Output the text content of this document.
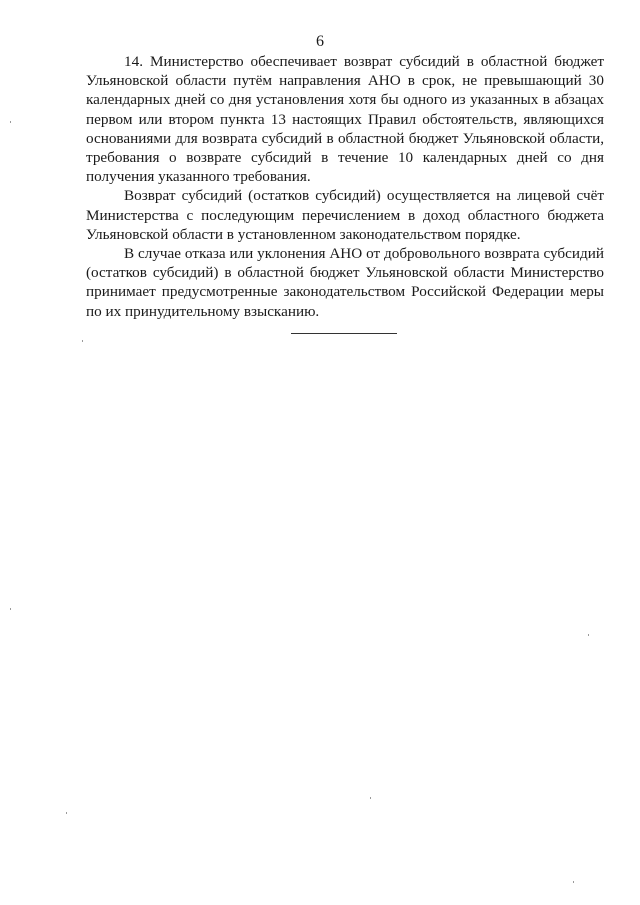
6

14. Министерство обеспечивает возврат субсидий в областной бюджет Ульяновской области путём направления АНО в срок, не превышающий 30 календарных дней со дня установления хотя бы одного из указанных в абзацах первом или втором пункта 13 настоящих Правил обстоятельств, являющихся основаниями для возврата субсидий в областной бюджет Ульяновской области, требования о возврате субсидий в течение 10 календарных дней со дня получения указанного требования.

Возврат субсидий (остатков субсидий) осуществляется на лицевой счёт Министерства с последующим перечислением в доход областного бюджета Ульяновской области в установленном законодательством порядке.

В случае отказа или уклонения АНО от добровольного возврата субсидий (остатков субсидий) в областной бюджет Ульяновской области Министерство принимает предусмотренные законодательством Российской Федерации меры по их принудительному взысканию.
